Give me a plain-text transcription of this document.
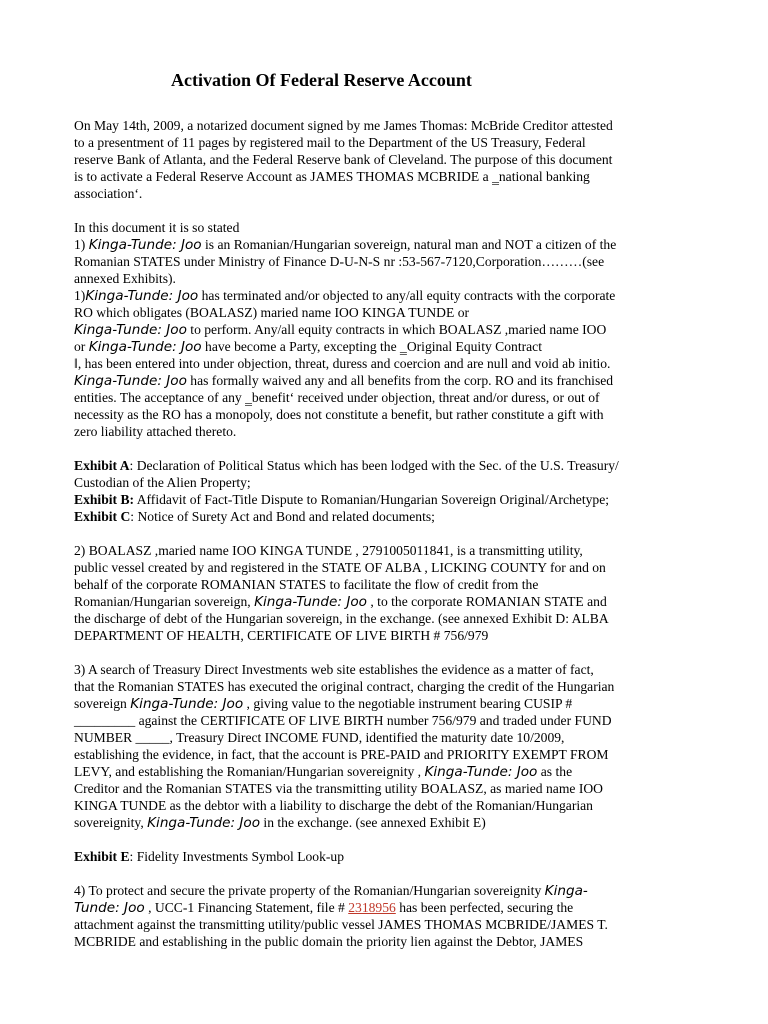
Activation Of Federal Reserve Account
On May 14th, 2009, a notarized document signed by me James Thomas: McBride Creditor attested
to a presentment of 11 pages by registered mail to the Department of the US Treasury, Federal
reserve Bank of Atlanta, and the Federal Reserve bank of Cleveland. The purpose of this document
is to activate a Federal Reserve Account as JAMES THOMAS MCBRIDE a ‗national banking
association‘.
In this document it is so stated
1) Kinga-Tunde: Joo is an Romanian/Hungarian sovereign, natural man and NOT a citizen of the
Romanian STATES under Ministry of Finance D-U-N-S nr :53-567-7120,Corporation………(see
annexed Exhibits).
1)Kinga-Tunde: Joo has terminated and/or objected to any/all equity contracts with the corporate
RO which obligates (BOALASZ) maried name IOO KINGA TUNDE or
Kinga-Tunde: Joo to perform. Any/all equity contracts in which BOALASZ ,maried name IOO
or Kinga-Tunde: Joo have become a Party, excepting the ‗Original Equity Contract
‖, has been entered into under objection, threat, duress and coercion and are null and void ab initio.
Kinga-Tunde: Joo has formally waived any and all benefits from the corp. RO and its franchised
entities. The acceptance of any ‗benefit‘ received under objection, threat and/or duress, or out of
necessity as the RO has a monopoly, does not constitute a benefit, but rather constitute a gift with
zero liability attached thereto.
Exhibit A: Declaration of Political Status which has been lodged with the Sec. of the U.S. Treasury/
Custodian of the Alien Property;
Exhibit B: Affidavit of Fact-Title Dispute to Romanian/Hungarian Sovereign Original/Archetype;
Exhibit C: Notice of Surety Act and Bond and related documents;
2) BOALASZ ,maried name IOO KINGA TUNDE , 2791005011841, is a transmitting utility,
public vessel created by and registered in the STATE OF ALBA , LICKING COUNTY for and on
behalf of the corporate ROMANIAN STATES to facilitate the flow of credit from the
Romanian/Hungarian sovereign, Kinga-Tunde: Joo , to the corporate ROMANIAN STATE and
the discharge of debt of the Hungarian sovereign, in the exchange. (see annexed Exhibit D: ALBA
DEPARTMENT OF HEALTH, CERTIFICATE OF LIVE BIRTH # 756/979
3) A search of Treasury Direct Investments web site establishes the evidence as a matter of fact,
that the Romanian STATES has executed the original contract, charging the credit of the Hungarian
sovereign Kinga-Tunde: Joo , giving value to the negotiable instrument bearing CUSIP #
_________ against the CERTIFICATE OF LIVE BIRTH number 756/979 and traded under FUND
NUMBER _____, Treasury Direct INCOME FUND, identified the maturity date 10/2009,
establishing the evidence, in fact, that the account is PRE-PAID and PRIORITY EXEMPT FROM
LEVY, and establishing the Romanian/Hungarian sovereignity , Kinga-Tunde: Joo as the
Creditor and the Romanian STATES via the transmitting utility BOALASZ, as maried name IOO
KINGA TUNDE as the debtor with a liability to discharge the debt of the Romanian/Hungarian
sovereignity, Kinga-Tunde: Joo in the exchange. (see annexed Exhibit E)
Exhibit E: Fidelity Investments Symbol Look-up
4) To protect and secure the private property of the Romanian/Hungarian sovereignity Kinga-
Tunde: Joo , UCC-1 Financing Statement, file # 2318956 has been perfected, securing the
attachment against the transmitting utility/public vessel JAMES THOMAS MCBRIDE/JAMES T.
MCBRIDE and establishing in the public domain the priority lien against the Debtor, JAMES
